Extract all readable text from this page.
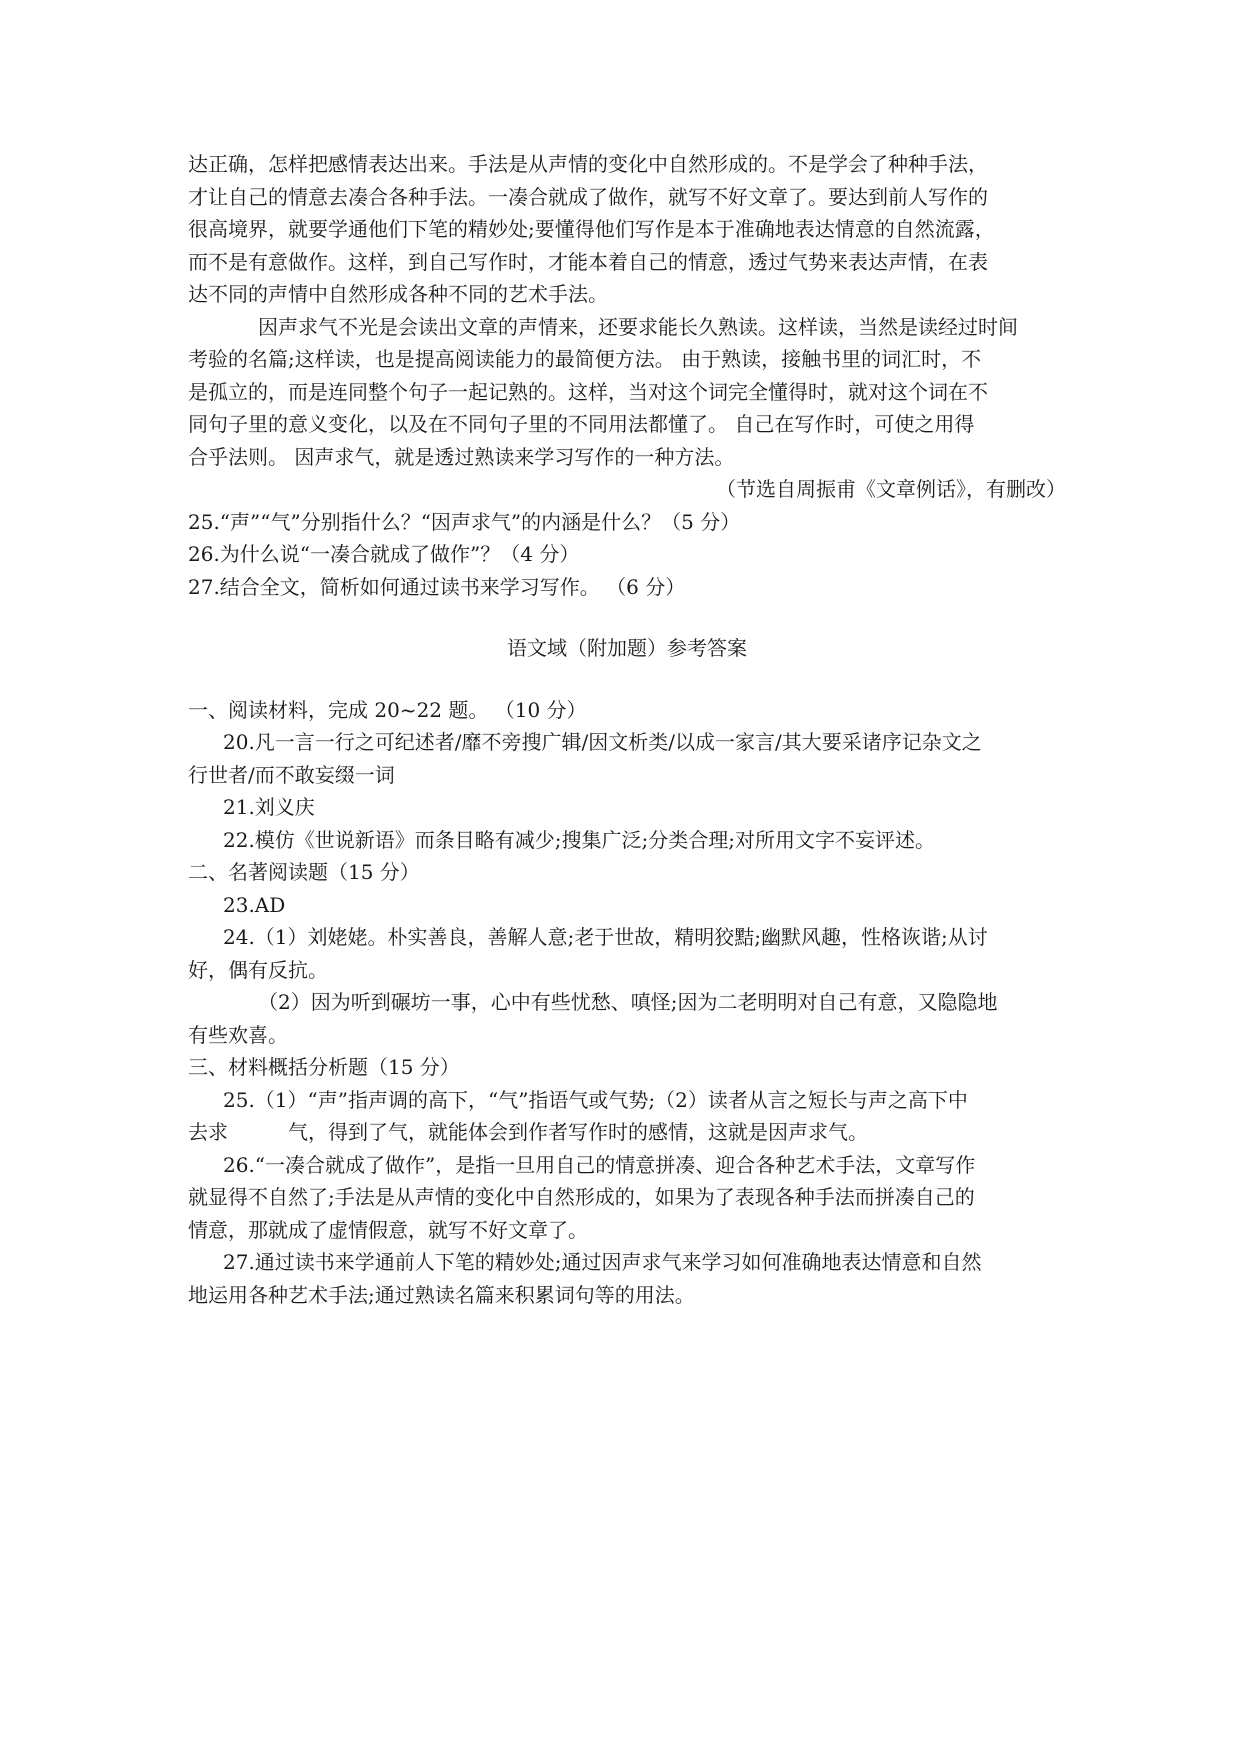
达正确，怎样把感情表达出来。手法是从声情的变化中自然形成的。不是学会了种种手法，

才让自己的情意去凑合各种手法。一凑合就成了做作，就写不好文章了。要达到前人写作的

很高境界，就要学通他们下笔的精妙处;要懂得他们写作是本于准确地表达情意的自然流露，

而不是有意做作。这样，到自己写作时，才能本着自己的情意，透过气势来表达声情，在表

达不同的声情中自然形成各种不同的艺术手法。

因声求气不光是会读出文章的声情来，还要求能长久熟读。这样读，当然是读经过时间

考验的名篇;这样读，也是提高阅读能力的最简便方法。 由于熟读，接触书里的词汇时，不

是孤立的，而是连同整个句子一起记熟的。这样，当对这个词完全懂得时，就对这个词在不

同句子里的意义变化，以及在不同句子里的不同用法都懂了。 自己在写作时，可使之用得

合乎法则。 因声求气，就是透过熟读来学习写作的一种方法。

（节选自周振甫《文章例话》，有删改）

25.“声”“气”分别指什么？“因声求气”的内涵是什么？（5 分）

26.为什么说“一凑合就成了做作”？（4 分）

27.结合全文，简析如何通过读书来学习写作。 （6 分）

语文域（附加题）参考答案

一、阅读材料，完成 20~22 题。 （10 分）

20.凡一言一行之可纪述者/靡不旁搜广辑/因文析类/以成一家言/其大要采诸序记杂文之

行世者/而不敢妄缀一词

21.刘义庆

22.模仿《世说新语》而条目略有减少;搜集广泛;分类合理;对所用文字不妄评述。

二、名著阅读题（15 分）

23.AD

24.（1）刘姥姥。朴实善良，善解人意;老于世故，精明狡黠;幽默风趣，性格诙谐;从讨

好，偶有反抗。

（2）因为听到碾坊一事，心中有些忧愁、嗔怪;因为二老明明对自己有意，又隐隐地

有些欢喜。

三、材料概括分析题（15 分）

25.（1）“声”指声调的高下，“气”指语气或气势;（2）读者从言之短长与声之高下中

去求	气，得到了气，就能体会到作者写作时的感情，这就是因声求气。

26.“一凑合就成了做作”，是指一旦用自己的情意拼凑、迎合各种艺术手法，文章写作

就显得不自然了;手法是从声情的变化中自然形成的，如果为了表现各种手法而拼凑自己的

情意，那就成了虚情假意，就写不好文章了。

27.通过读书来学通前人下笔的精妙处;通过因声求气来学习如何准确地表达情意和自然

地运用各种艺术手法;通过熟读名篇来积累词句等的用法。
